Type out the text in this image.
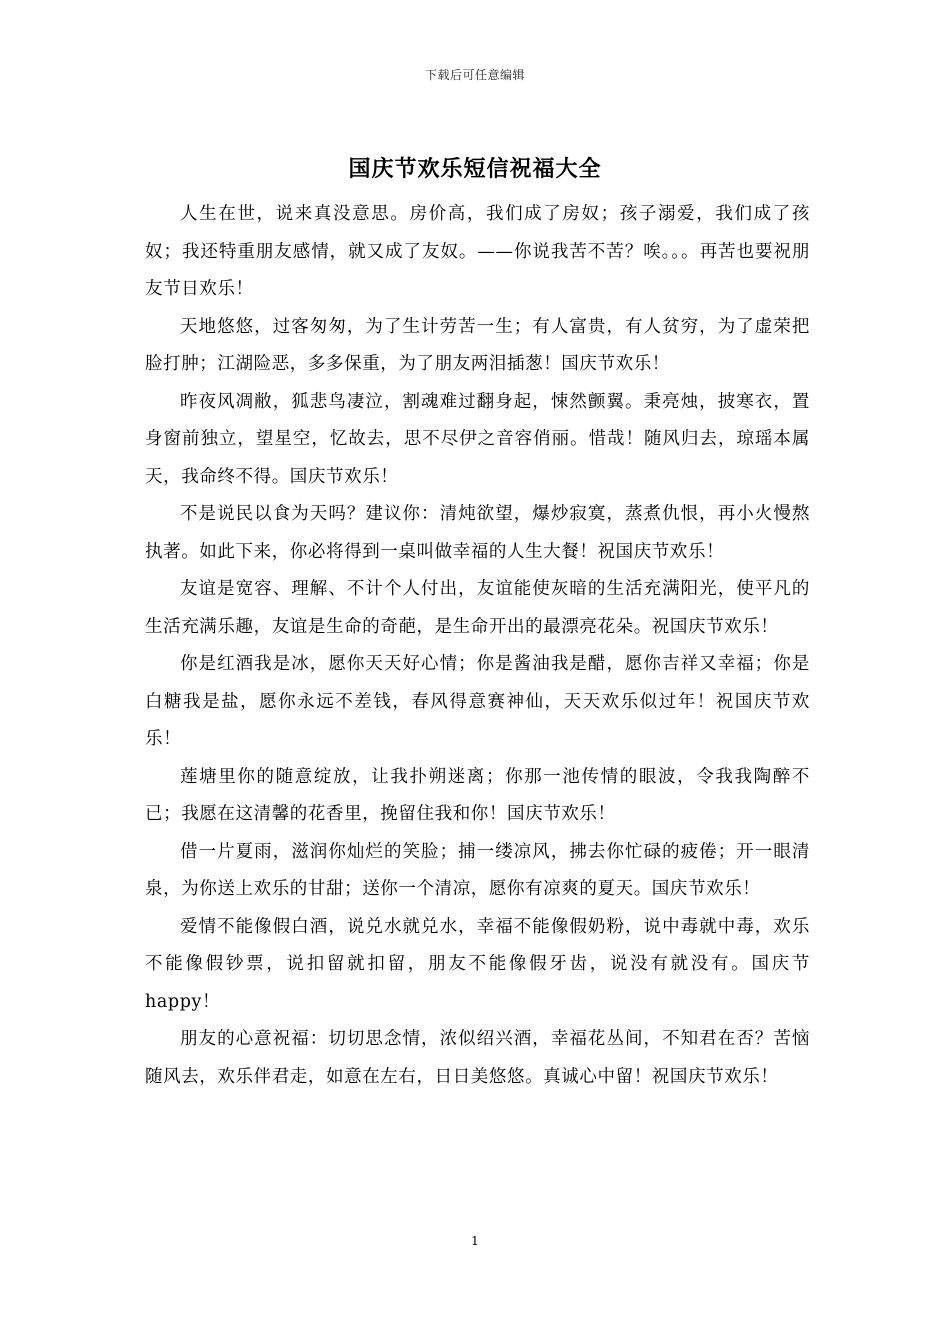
下载后可任意编辑
国庆节欢乐短信祝福大全

人生在世，说来真没意思。房价高，我们成了房奴；孩子溺爱，我们成了孩奴；我还特重朋友感情，就又成了友奴。——你说我苦不苦？唉。。。再苦也要祝朋友节日欢乐！

天地悠悠，过客匆匆，为了生计劳苦一生；有人富贵，有人贫穷，为了虚荣把脸打肿；江湖险恶，多多保重，为了朋友两泪插葱！国庆节欢乐！

昨夜风凋敝，狐悲鸟凄泣，割魂难过翻身起，悚然颤翼。秉亮烛，披寒衣，置身窗前独立，望星空，忆故去，思不尽伊之音容俏丽。惜哉！随风归去，琼瑶本属天，我命终不得。国庆节欢乐！

不是说民以食为天吗？建议你：清炖欲望，爆炒寂寞，蒸煮仇恨，再小火慢熬执著。如此下来，你必将得到一桌叫做幸福的人生大餐！祝国庆节欢乐！

友谊是宽容、理解、不计个人付出，友谊能使灰暗的生活充满阳光，使平凡的生活充满乐趣，友谊是生命的奇葩，是生命开出的最漂亮花朵。祝国庆节欢乐！

你是红酒我是冰，愿你天天好心情；你是酱油我是醋，愿你吉祥又幸福；你是白糖我是盐，愿你永远不差钱，春风得意赛神仙，天天欢乐似过年！祝国庆节欢乐！

莲塘里你的随意绽放，让我扑朔迷离；你那一池传情的眼波，令我我陶醉不已；我愿在这清馨的花香里，挽留住我和你！国庆节欢乐！

借一片夏雨，滋润你灿烂的笑脸；捕一缕凉风，拂去你忙碌的疲倦；开一眼清泉，为你送上欢乐的甘甜；送你一个清凉，愿你有凉爽的夏天。国庆节欢乐！

爱情不能像假白酒，说兑水就兑水，幸福不能像假奶粉，说中毒就中毒，欢乐不能像假钞票，说扣留就扣留，朋友不能像假牙齿，说没有就没有。国庆节happy！

朋友的心意祝福：切切思念情，浓似绍兴酒，幸福花丛间，不知君在否？苦恼随风去，欢乐伴君走，如意在左右，日日美悠悠。真诚心中留！祝国庆节欢乐！

1
